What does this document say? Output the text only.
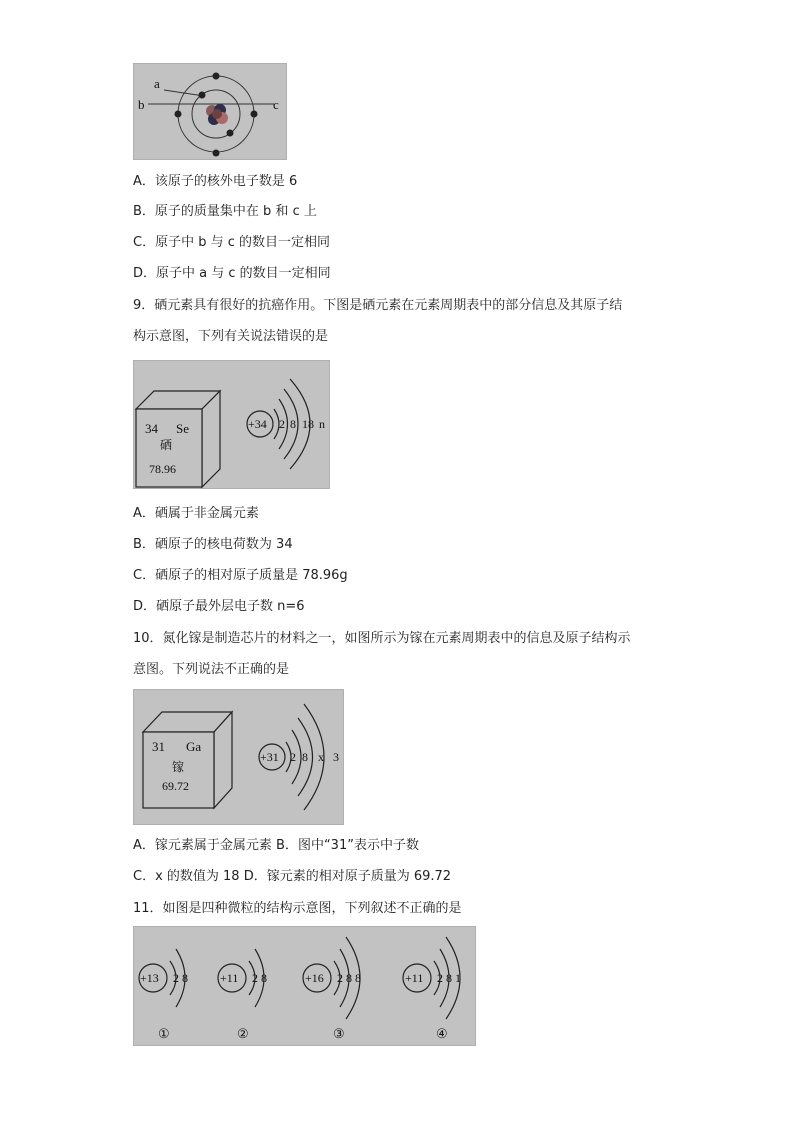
a
b	c
A．该原子的核外电子数是 6
B．原子的质量集中在 b 和 c 上
C．原子中 b 与 c 的数目一定相同
D．原子中 a 与 c 的数目一定相同
9．硒元素具有很好的抗癌作用。下图是硒元素在元素周期表中的部分信息及其原子结
构示意图，下列有关说法错误的是
34 Se
硒
78.96
+34 2 8 18 n
A．硒属于非金属元素
B．硒原子的核电荷数为 34
C．硒原子的相对原子质量是 78.96g
D．硒原子最外层电子数 n=6
10．氮化镓是制造芯片的材料之一，如图所示为镓在元素周期表中的信息及原子结构示
意图。下列说法不正确的是
31 Ga
镓
69.72
+31 2 8 x 3
A．镓元素属于金属元素 B．图中“31”表示中子数
C．x 的数值为 18 D．镓元素的相对原子质量为 69.72
11．如图是四种微粒的结构示意图，下列叙述不正确的是
+13 2 8
①
+11 2 8
②
+16 2 8 8
③
+11 2 8 1
④
